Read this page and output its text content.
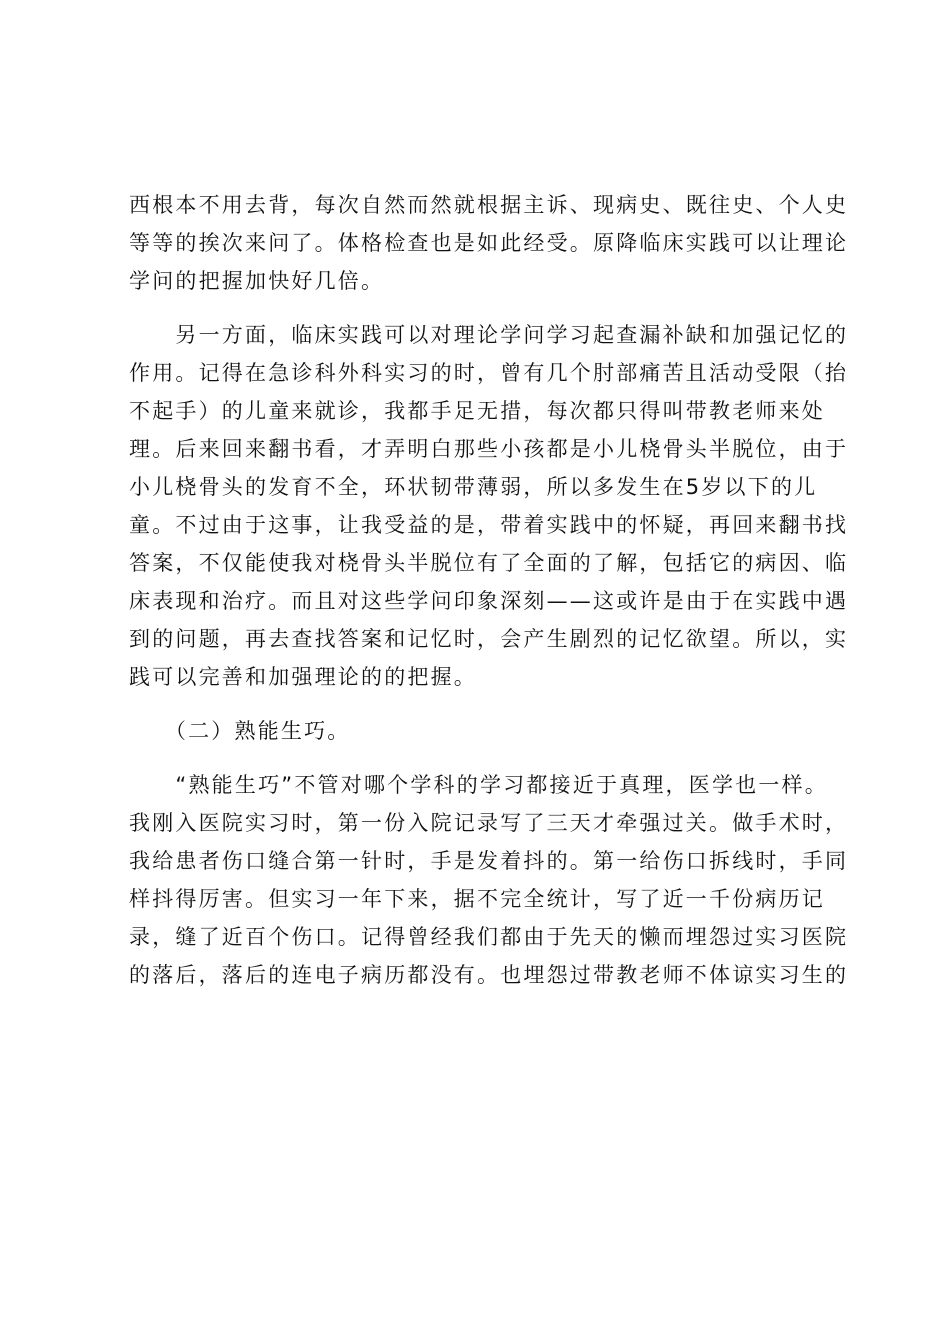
西根本不用去背，每次自然而然就根据主诉、现病史、既往史、个人史
等等的挨次来问了。体格检查也是如此经受。原降临床实践可以让理论
学问的把握加快好几倍。
　　另一方面，临床实践可以对理论学问学习起查漏补缺和加强记忆的
作用。记得在急诊科外科实习的时，曾有几个肘部痛苦且活动受限（抬
不起手）的儿童来就诊，我都手足无措，每次都只得叫带教老师来处
理。后来回来翻书看，才弄明白那些小孩都是小儿桡骨头半脱位，由于
小儿桡骨头的发育不全，环状韧带薄弱，所以多发生在5岁以下的儿
童。不过由于这事，让我受益的是，带着实践中的怀疑，再回来翻书找
答案，不仅能使我对桡骨头半脱位有了全面的了解，包括它的病因、临
床表现和治疗。而且对这些学问印象深刻——这或许是由于在实践中遇
到的问题，再去查找答案和记忆时，会产生剧烈的记忆欲望。所以，实
践可以完善和加强理论的的把握。
　　（二）熟能生巧。
　　“熟能生巧”不管对哪个学科的学习都接近于真理，医学也一样。
我刚入医院实习时，第一份入院记录写了三天才牵强过关。做手术时，
我给患者伤口缝合第一针时，手是发着抖的。第一给伤口拆线时，手同
样抖得厉害。但实习一年下来，据不完全统计，写了近一千份病历记
录，缝了近百个伤口。记得曾经我们都由于先天的懒而埋怨过实习医院
的落后，落后的连电子病历都没有。也埋怨过带教老师不体谅实习生的
